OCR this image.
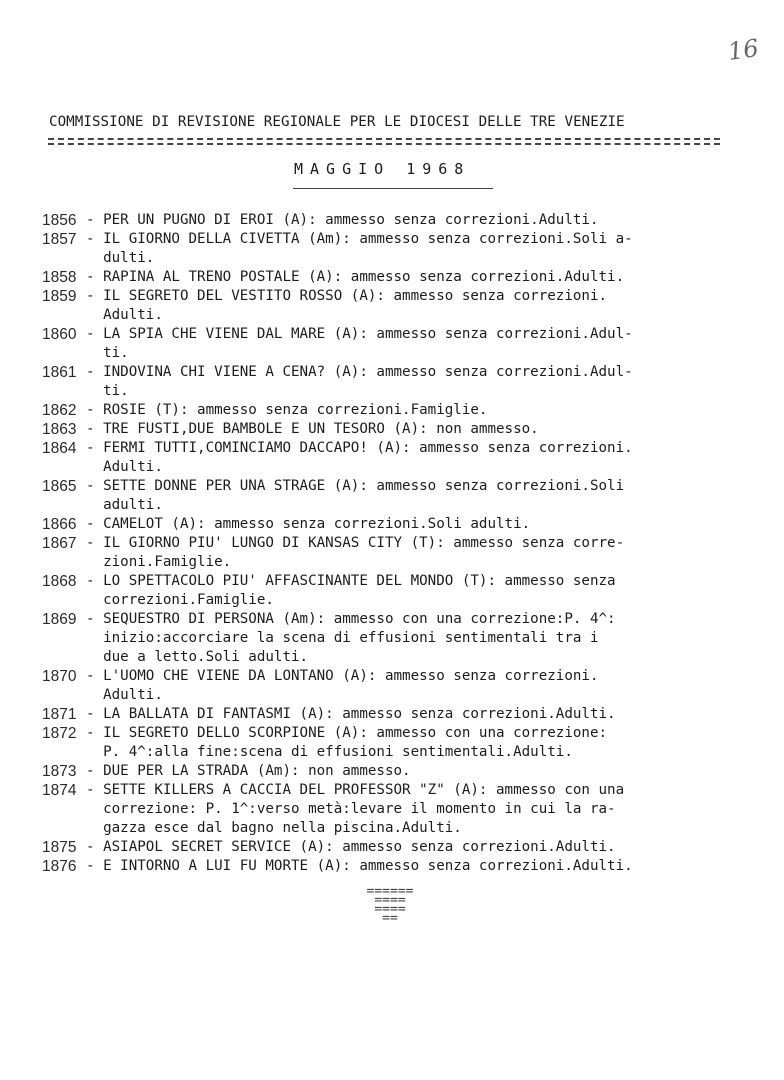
16
COMMISSIONE DI REVISIONE REGIONALE PER LE DIOCESI DELLE TRE VENEZIE
MAGGIO 1968
1856 - PER UN PUGNO DI EROI (A): ammesso senza correzioni.Adulti.
1857 - IL GIORNO DELLA CIVETTA (Am): ammesso senza correzioni.Soli a-
dulti.
1858 - RAPINA AL TRENO POSTALE (A): ammesso senza correzioni.Adulti.
1859 - IL SEGRETO DEL VESTITO ROSSO (A): ammesso senza correzioni.
Adulti.
1860 - LA SPIA CHE VIENE DAL MARE (A): ammesso senza correzioni.Adul-
ti.
1861 - INDOVINA CHI VIENE A CENA? (A): ammesso senza correzioni.Adul-
ti.
1862 - ROSIE (T): ammesso senza correzioni.Famiglie.
1863 - TRE FUSTI,DUE BAMBOLE E UN TESORO (A): non ammesso.
1864 - FERMI TUTTI,COMINCIAMO DACCAPO! (A): ammesso senza correzioni.
Adulti.
1865 - SETTE DONNE PER UNA STRAGE (A): ammesso senza correzioni.Soli
adulti.
1866 - CAMELOT (A): ammesso senza correzioni.Soli adulti.
1867 - IL GIORNO PIU' LUNGO DI KANSAS CITY (T): ammesso senza corre-
zioni.Famiglie.
1868 - LO SPETTACOLO PIU' AFFASCINANTE DEL MONDO (T): ammesso senza
correzioni.Famiglie.
1869 - SEQUESTRO DI PERSONA (Am): ammesso con una correzione:P. 4^:
inizio:accorciare la scena di effusioni sentimentali tra i
due a letto.Soli adulti.
1870 - L'UOMO CHE VIENE DA LONTANO (A): ammesso senza correzioni.
Adulti.
1871 - LA BALLATA DI FANTASMI (A): ammesso senza correzioni.Adulti.
1872 - IL SEGRETO DELLO SCORPIONE (A): ammesso con una correzione:
P. 4^:alla fine:scena di effusioni sentimentali.Adulti.
1873 - DUE PER LA STRADA (Am): non ammesso.
1874 - SETTE KILLERS A CACCIA DEL PROFESSOR "Z" (A): ammesso con una
correzione: P. 1^:verso metà:levare il momento in cui la ra-
gazza esce dal bagno nella piscina.Adulti.
1875 - ASIAPOL SECRET SERVICE (A): ammesso senza correzioni.Adulti.
1876 - E INTORNO A LUI FU MORTE (A): ammesso senza correzioni.Adulti.
======
====
====
==
